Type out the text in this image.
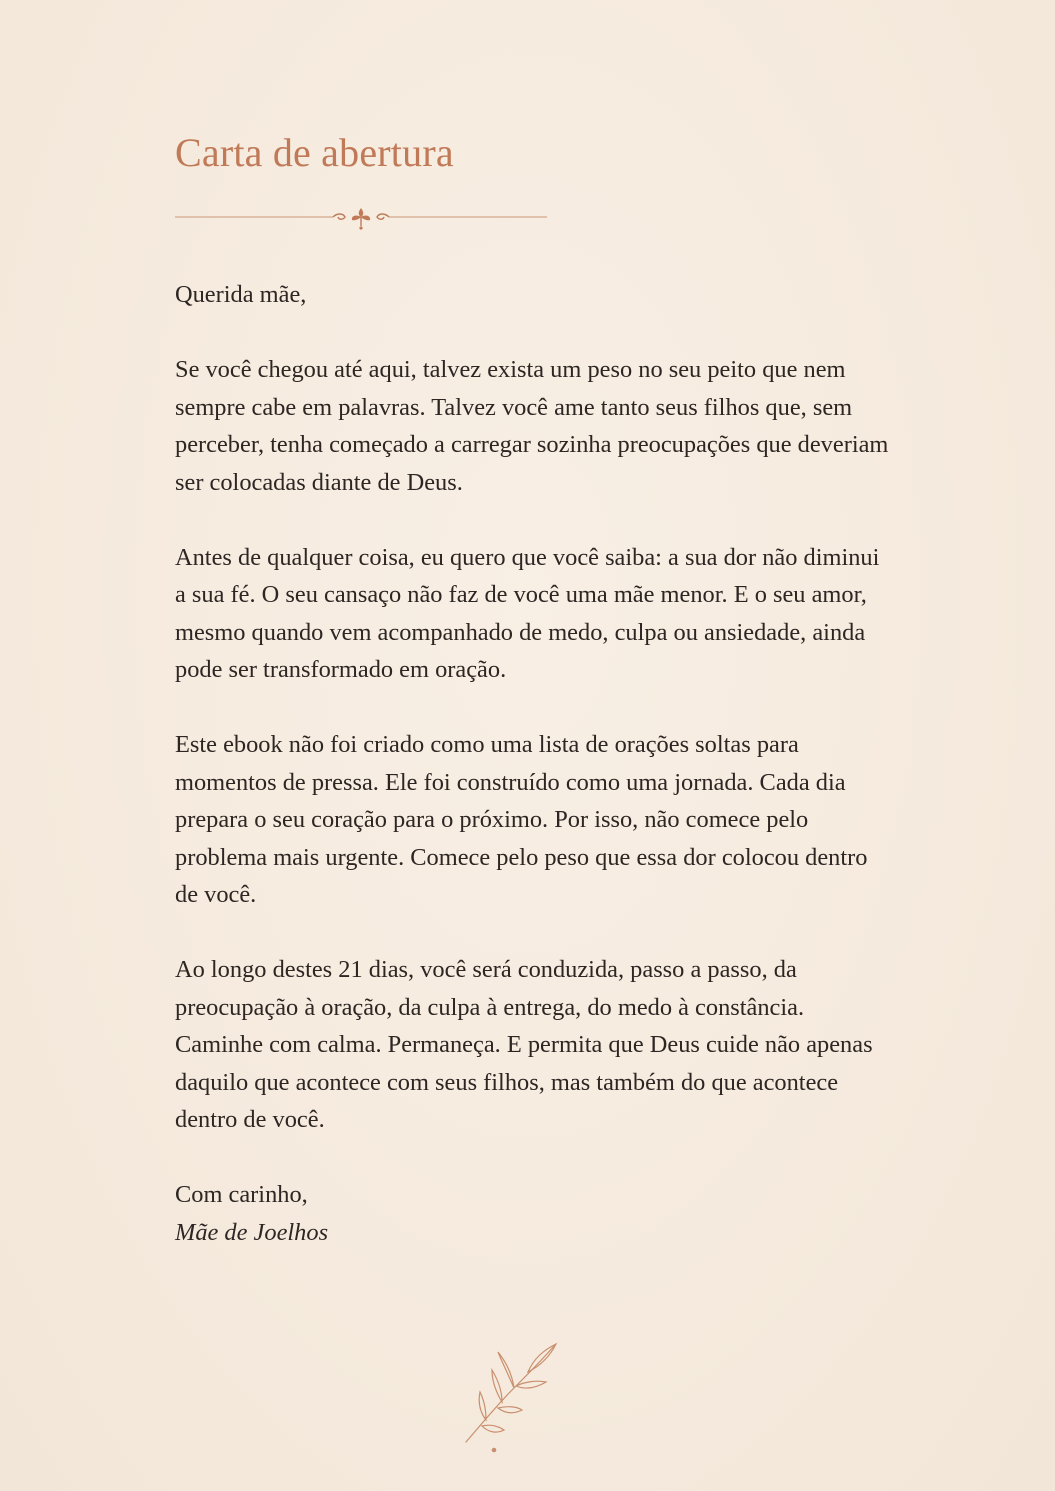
Carta de abertura

Querida mãe,

Se você chegou até aqui, talvez exista um peso no seu peito que nem sempre cabe em palavras. Talvez você ame tanto seus filhos que, sem perceber, tenha começado a carregar sozinha preocupações que deveriam ser colocadas diante de Deus.

Antes de qualquer coisa, eu quero que você saiba: a sua dor não diminui a sua fé. O seu cansaço não faz de você uma mãe menor. E o seu amor, mesmo quando vem acompanhado de medo, culpa ou ansiedade, ainda pode ser transformado em oração.

Este ebook não foi criado como uma lista de orações soltas para momentos de pressa. Ele foi construído como uma jornada. Cada dia prepara o seu coração para o próximo. Por isso, não comece pelo problema mais urgente. Comece pelo peso que essa dor colocou dentro de você.

Ao longo destes 21 dias, você será conduzida, passo a passo, da preocupação à oração, da culpa à entrega, do medo à constância. Caminhe com calma. Permaneça. E permita que Deus cuide não apenas daquilo que acontece com seus filhos, mas também do que acontece dentro de você.

Com carinho,

Mãe de Joelhos
